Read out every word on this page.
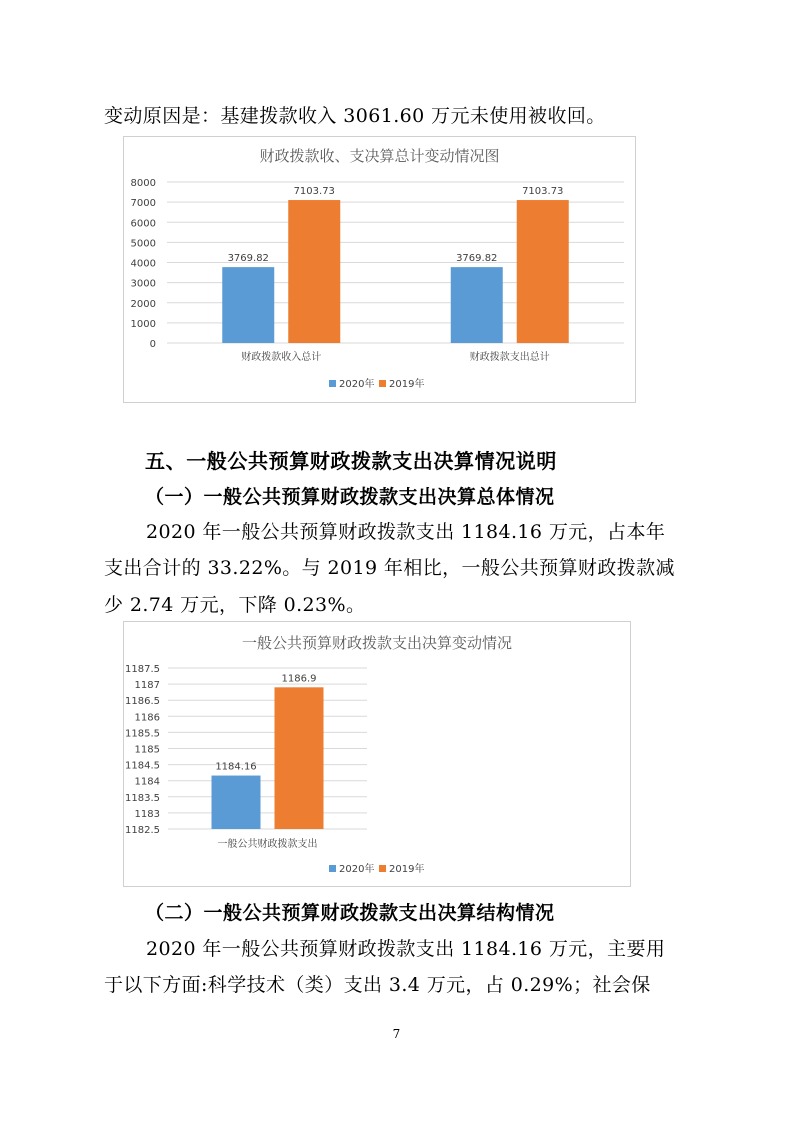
变动原因是：基建拨款收入 3061.60 万元未使用被收回。
财政拨款收、支决算总计变动情况图
0
1000
2000
3000
4000
5000
6000
7000
8000
3769.82
7103.73
财政拨款收入总计
3769.82
7103.73
财政拨款支出总计
2020年 2019年
五、一般公共预算财政拨款支出决算情况说明
（一）一般公共预算财政拨款支出决算总体情况
2020 年一般公共预算财政拨款支出 1184.16 万元，占本年
支出合计的 33.22%。与 2019 年相比，一般公共预算财政拨款减
少 2.74 万元，下降 0.23%。
一般公共预算财政拨款支出决算变动情况
1182.5
1183
1183.5
1184
1184.5
1185
1185.5
1186
1186.5
1187
1187.5
1184.16
1186.9
一般公共财政拨款支出
2020年 2019年
（二）一般公共预算财政拨款支出决算结构情况
2020 年一般公共预算财政拨款支出 1184.16 万元，主要用
于以下方面:科学技术（类）支出 3.4 万元，占 0.29%；社会保
7
